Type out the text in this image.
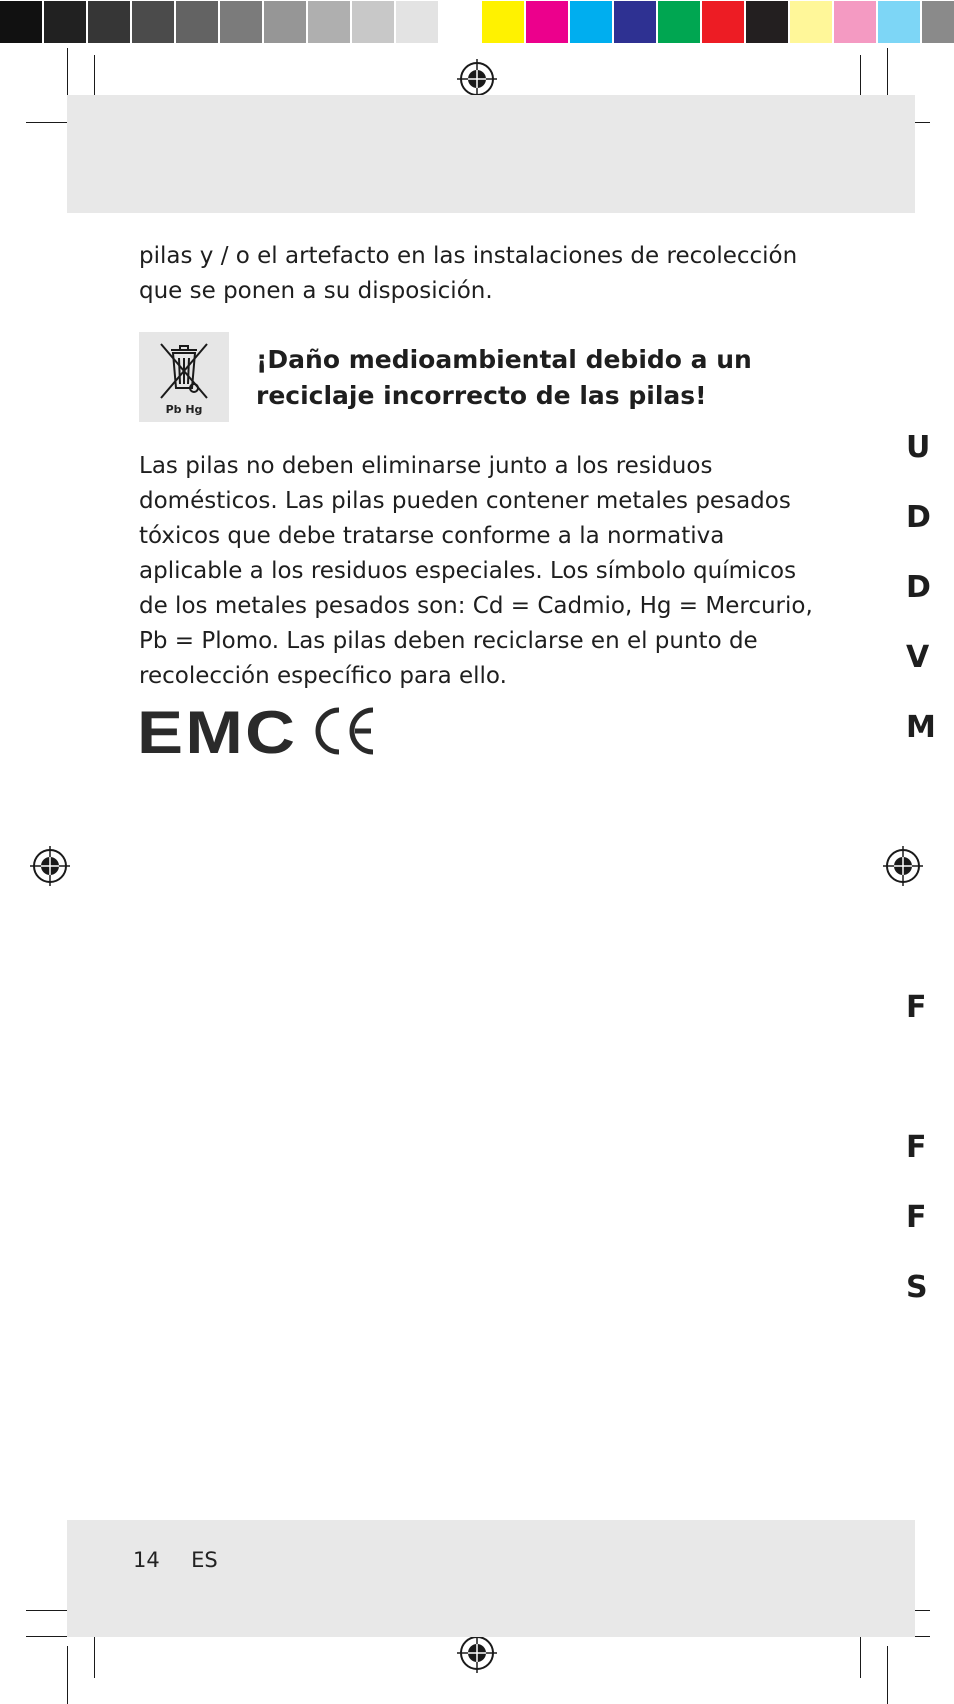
pilas y / o el artefacto en las instalaciones de recolección que se ponen a su disposición.
Pb Hg
¡Daño medioambiental debido a un reciclaje incorrecto de las pilas!
Las pilas no deben eliminarse junto a los residuos domésticos. Las pilas pueden contener metales pesados tóxicos que debe tratarse conforme a la normativa aplicable a los residuos especiales. Los símbolo químicos de los metales pesados son: Cd = Cadmio, Hg = Mercurio, Pb = Plomo. Las pilas deben reciclarse en el punto de recolección específico para ello.
EMC
U
D
D
V
M
F
F
F
S
14 ES
